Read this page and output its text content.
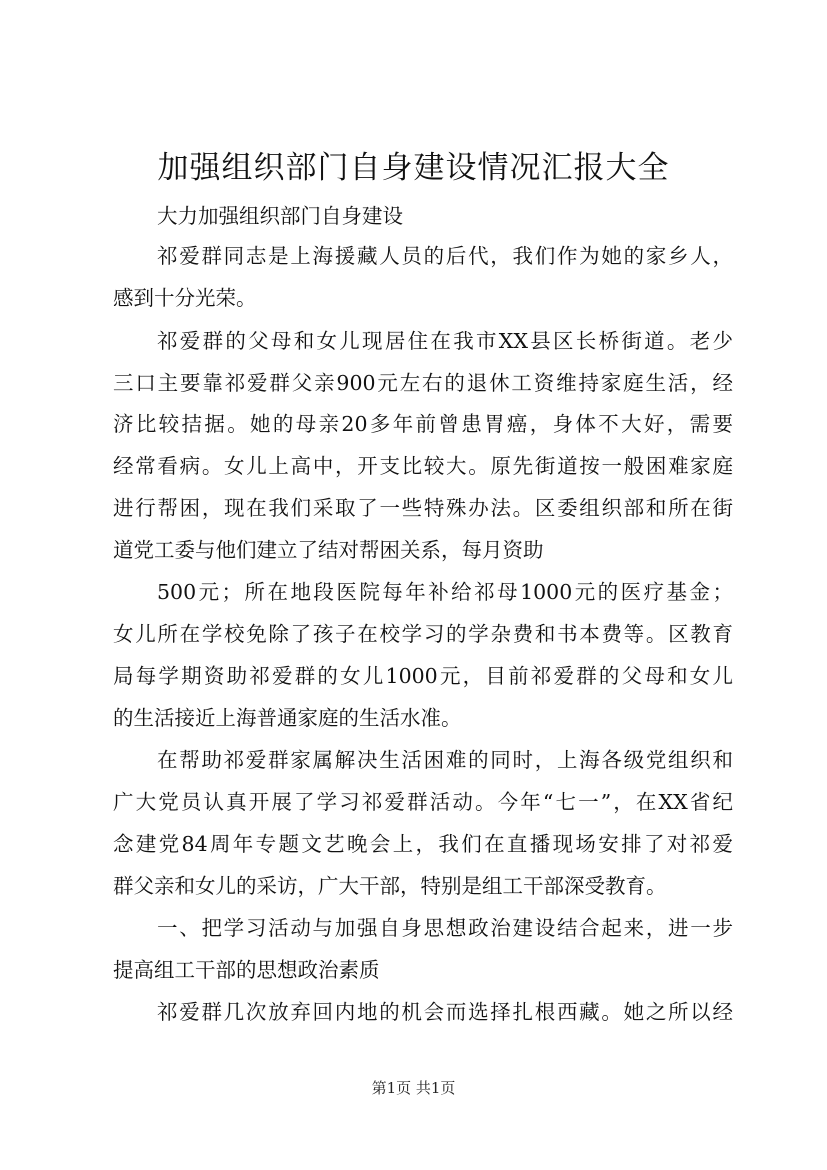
加强组织部门自身建设情况汇报大全
大力加强组织部门自身建设
祁爱群同志是上海援藏人员的后代，我们作为她的家乡人，
感到十分光荣。
祁爱群的父母和女儿现居住在我市XX县区长桥街道。老少
三口主要靠祁爱群父亲900元左右的退休工资维持家庭生活，经
济比较拮据。她的母亲20多年前曾患胃癌，身体不大好，需要
经常看病。女儿上高中，开支比较大。原先街道按一般困难家庭
进行帮困，现在我们采取了一些特殊办法。区委组织部和所在街
道党工委与他们建立了结对帮困关系，每月资助
500元；所在地段医院每年补给祁母1000元的医疗基金；
女儿所在学校免除了孩子在校学习的学杂费和书本费等。区教育
局每学期资助祁爱群的女儿1000元，目前祁爱群的父母和女儿
的生活接近上海普通家庭的生活水准。
在帮助祁爱群家属解决生活困难的同时，上海各级党组织和
广大党员认真开展了学习祁爱群活动。今年“七一”，在XX省纪
念建党84周年专题文艺晚会上，我们在直播现场安排了对祁爱
群父亲和女儿的采访，广大干部，特别是组工干部深受教育。
一、把学习活动与加强自身思想政治建设结合起来，进一步
提高组工干部的思想政治素质
祁爱群几次放弃回内地的机会而选择扎根西藏。她之所以经
第1页 共1页
